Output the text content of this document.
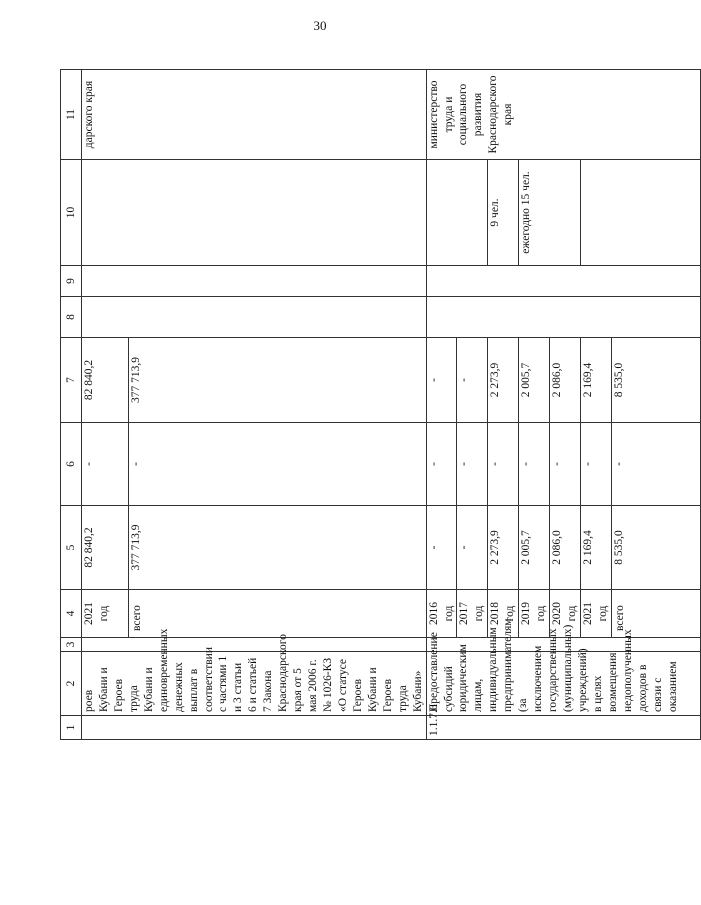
30
1	2	3	4	5	6	7	8	9	10	11
	роев Кубани и Героев труда Кубани и единовременных денежных выплат в соответствии с частями 1 и 3 статьи 6 и статьей 7 Закона Краснодарского края от 5 мая 2006 г. № 1026-КЗ «О статусе Героев Кубани и Героев труда Кубани»		2021 год	82 840,2	-	82 840,2				дарского края

			всего	377 713,9	-	377 713,9				
1.1.7.6	Предоставление субсидий юридическим лицам, индивидуальным предпринимателям (за исключением государственных (муниципальных) учреждений) в целях возмещения недополученных доходов в связи с оказанием		2016 год	-	-	-				министерство труда и социального развития Краснодарского края
			2017 год	-	-	-				
			2018 год	2 273,9	-	2 273,9			9 чел.	
			2019 год	2 005,7	-	2 005,7			ежегодно 15 чел.	
			2020 год	2 086,0	-	2 086,0				
			2021 год	2 169,4	-	2 169,4				

			всего	8 535,0	-	8 535,0				
